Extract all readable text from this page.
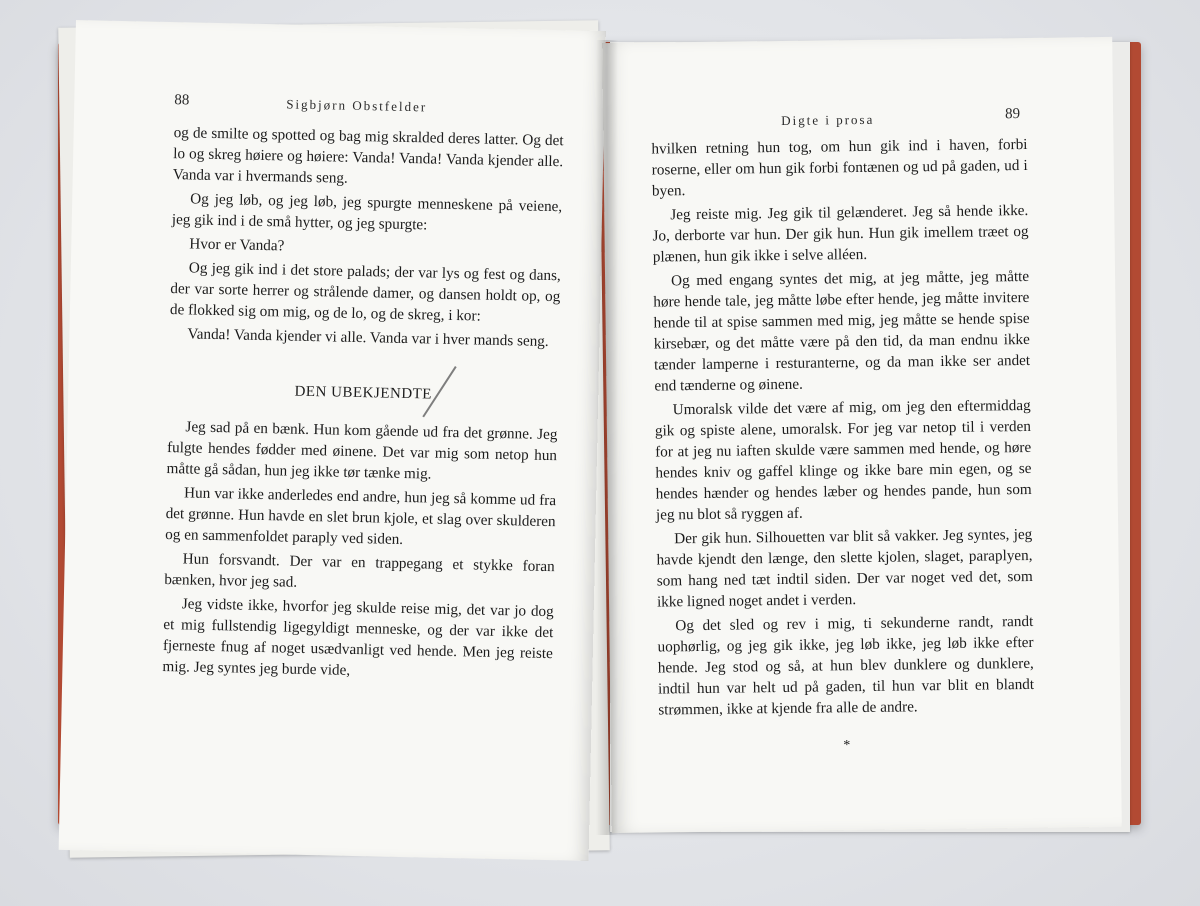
88	Sigbjørn Obstfelder

og de smilte og spotted og bag mig skralded deres latter. Og det lo og skreg høiere og høiere: Vanda! Vanda! Vanda kjender alle. Vanda var i hvermands seng.

Og jeg løb, og jeg løb, jeg spurgte menneskene på veiene, jeg gik ind i de små hytter, og jeg spurgte:

Hvor er Vanda?

Og jeg gik ind i det store palads; der var lys og fest og dans, der var sorte herrer og strålende damer, og dansen holdt op, og de flokked sig om mig, og de lo, og de skreg, i kor:

Vanda! Vanda kjender vi alle. Vanda var i hver mands seng.

DEN UBEKJENDTE

Jeg sad på en bænk. Hun kom gående ud fra det grønne. Jeg fulgte hendes fødder med øinene. Det var mig som netop hun måtte gå sådan, hun jeg ikke tør tænke mig.

Hun var ikke anderledes end andre, hun jeg så komme ud fra det grønne. Hun havde en slet brun kjole, et slag over skulderen og en sammenfoldet paraply ved siden.

Hun forsvandt. Der var en trappegang et stykke foran bænken, hvor jeg sad.

Jeg vidste ikke, hvorfor jeg skulde reise mig, det var jo dog et mig fullstendig ligegyldigt menneske, og der var ikke det fjerneste fnug af noget usædvanligt ved hende. Men jeg reiste mig. Jeg syntes jeg burde vide,

Digte i prosa	89

hvilken retning hun tog, om hun gik ind i haven, forbi roserne, eller om hun gik forbi fontænen og ud på gaden, ud i byen.

Jeg reiste mig. Jeg gik til gelænderet. Jeg så hende ikke. Jo, derborte var hun. Der gik hun. Hun gik imellem træet og plænen, hun gik ikke i selve alléen.

Og med engang syntes det mig, at jeg måtte, jeg måtte høre hende tale, jeg måtte løbe efter hende, jeg måtte invitere hende til at spise sammen med mig, jeg måtte se hende spise kirsebær, og det måtte være på den tid, da man endnu ikke tænder lamperne i resturanterne, og da man ikke ser andet end tænderne og øinene.

Umoralsk vilde det være af mig, om jeg den eftermiddag gik og spiste alene, umoralsk. For jeg var netop til i verden for at jeg nu iaften skulde være sammen med hende, og høre hendes kniv og gaffel klinge og ikke bare min egen, og se hendes hænder og hendes læber og hendes pande, hun som jeg nu blot så ryggen af.

Der gik hun. Silhouetten var blit så vakker. Jeg syntes, jeg havde kjendt den længe, den slette kjolen, slaget, paraplyen, som hang ned tæt indtil siden. Der var noget ved det, som ikke ligned noget andet i verden.

Og det sled og rev i mig, ti sekunderne randt, randt uophørlig, og jeg gik ikke, jeg løb ikke, jeg løb ikke efter hende. Jeg stod og så, at hun blev dunklere og dunklere, indtil hun var helt ud på gaden, til hun var blit en blandt strømmen, ikke at kjende fra alle de andre.

*
